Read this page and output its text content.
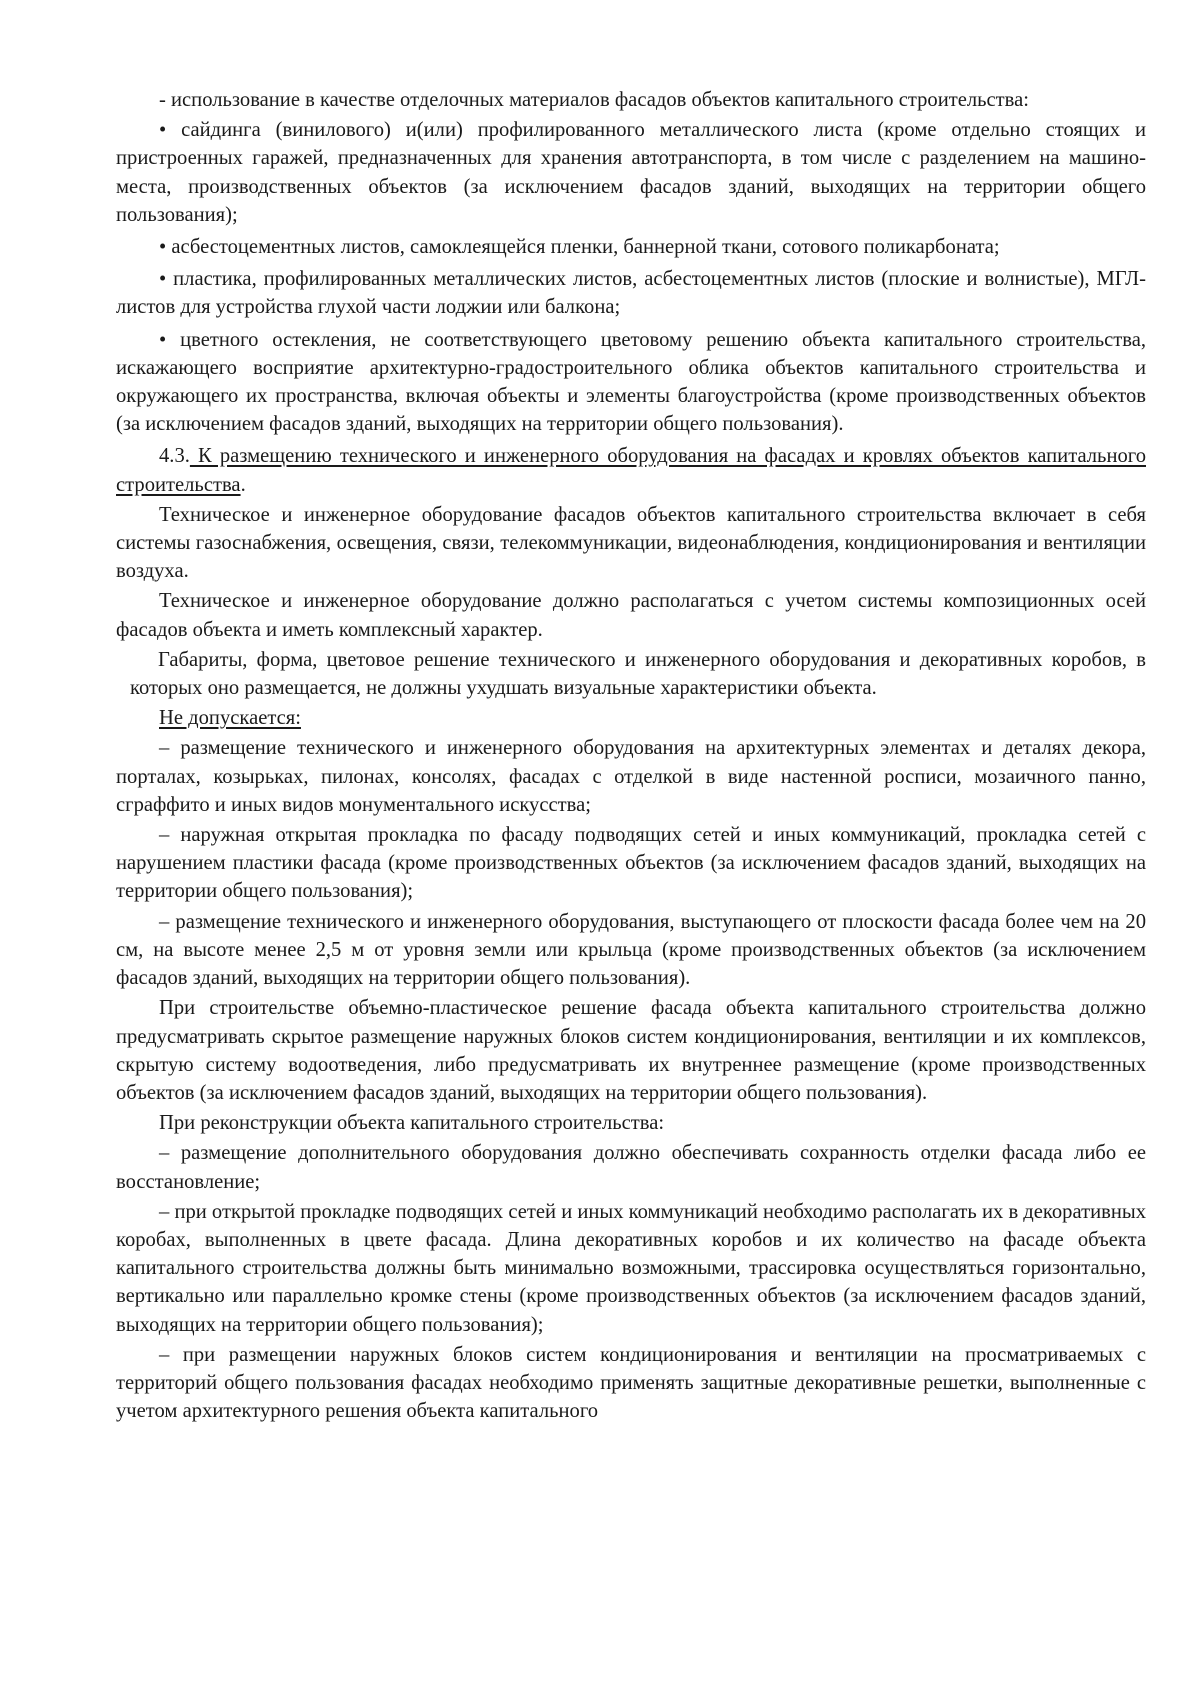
- использование в качестве отделочных материалов фасадов объектов капитального строительства:

• сайдинга (винилового) и(или) профилированного металлического листа (кроме отдельно стоящих и пристроенных гаражей, предназначенных для хранения автотранспорта, в том числе с разделением на машино-места, производственных объектов (за исключением фасадов зданий, выходящих на территории общего пользования);

• асбестоцементных листов, самоклеящейся пленки, баннерной ткани, сотового поликарбоната;

• пластика, профилированных металлических листов, асбестоцементных листов (плоские и волнистые), МГЛ-листов для устройства глухой части лоджии или балкона;

• цветного остекления, не соответствующего цветовому решению объекта капитального строительства, искажающего восприятие архитектурно-градостроительного облика объектов капитального строительства и окружающего их пространства, включая объекты и элементы благоустройства (кроме производственных объектов (за исключением фасадов зданий, выходящих на территории общего пользования).

4.3. К размещению технического и инженерного оборудования на фасадах и кровлях объектов капитального строительства.

Техническое и инженерное оборудование фасадов объектов капитального строительства включает в себя системы газоснабжения, освещения, связи, телекоммуникации, видеонаблюдения, кондиционирования и вентиляции воздуха.

Техническое и инженерное оборудование должно располагаться с учетом системы композиционных осей фасадов объекта и иметь комплексный характер.

Габариты, форма, цветовое решение технического и инженерного оборудования и декоративных коробов, в которых оно размещается, не должны ухудшать визуальные характеристики объекта.

Не допускается:

– размещение технического и инженерного оборудования на архитектурных элементах и деталях декора, порталах, козырьках, пилонах, консолях, фасадах с отделкой в виде настенной росписи, мозаичного панно, сграффито и иных видов монументального искусства;

– наружная открытая прокладка по фасаду подводящих сетей и иных коммуникаций, прокладка сетей с нарушением пластики фасада (кроме производственных объектов (за исключением фасадов зданий, выходящих на территории общего пользования);

– размещение технического и инженерного оборудования, выступающего от плоскости фасада более чем на 20 см, на высоте менее 2,5 м от уровня земли или крыльца (кроме производственных объектов (за исключением фасадов зданий, выходящих на территории общего пользования).

При строительстве объемно-пластическое решение фасада объекта капитального строительства должно предусматривать скрытое размещение наружных блоков систем кондиционирования, вентиляции и их комплексов, скрытую систему водоотведения, либо предусматривать их внутреннее размещение (кроме производственных объектов (за исключением фасадов зданий, выходящих на территории общего пользования).

При реконструкции объекта капитального строительства:

– размещение дополнительного оборудования должно обеспечивать сохранность отделки фасада либо ее восстановление;

– при открытой прокладке подводящих сетей и иных коммуникаций необходимо располагать их в декоративных коробах, выполненных в цвете фасада. Длина декоративных коробов и их количество на фасаде объекта капитального строительства должны быть минимально возможными, трассировка осуществляться горизонтально, вертикально или параллельно кромке стены (кроме производственных объектов (за исключением фасадов зданий, выходящих на территории общего пользования);

– при размещении наружных блоков систем кондиционирования и вентиляции на просматриваемых с территорий общего пользования фасадах необходимо применять защитные декоративные решетки, выполненные с учетом архитектурного решения объекта капитального
